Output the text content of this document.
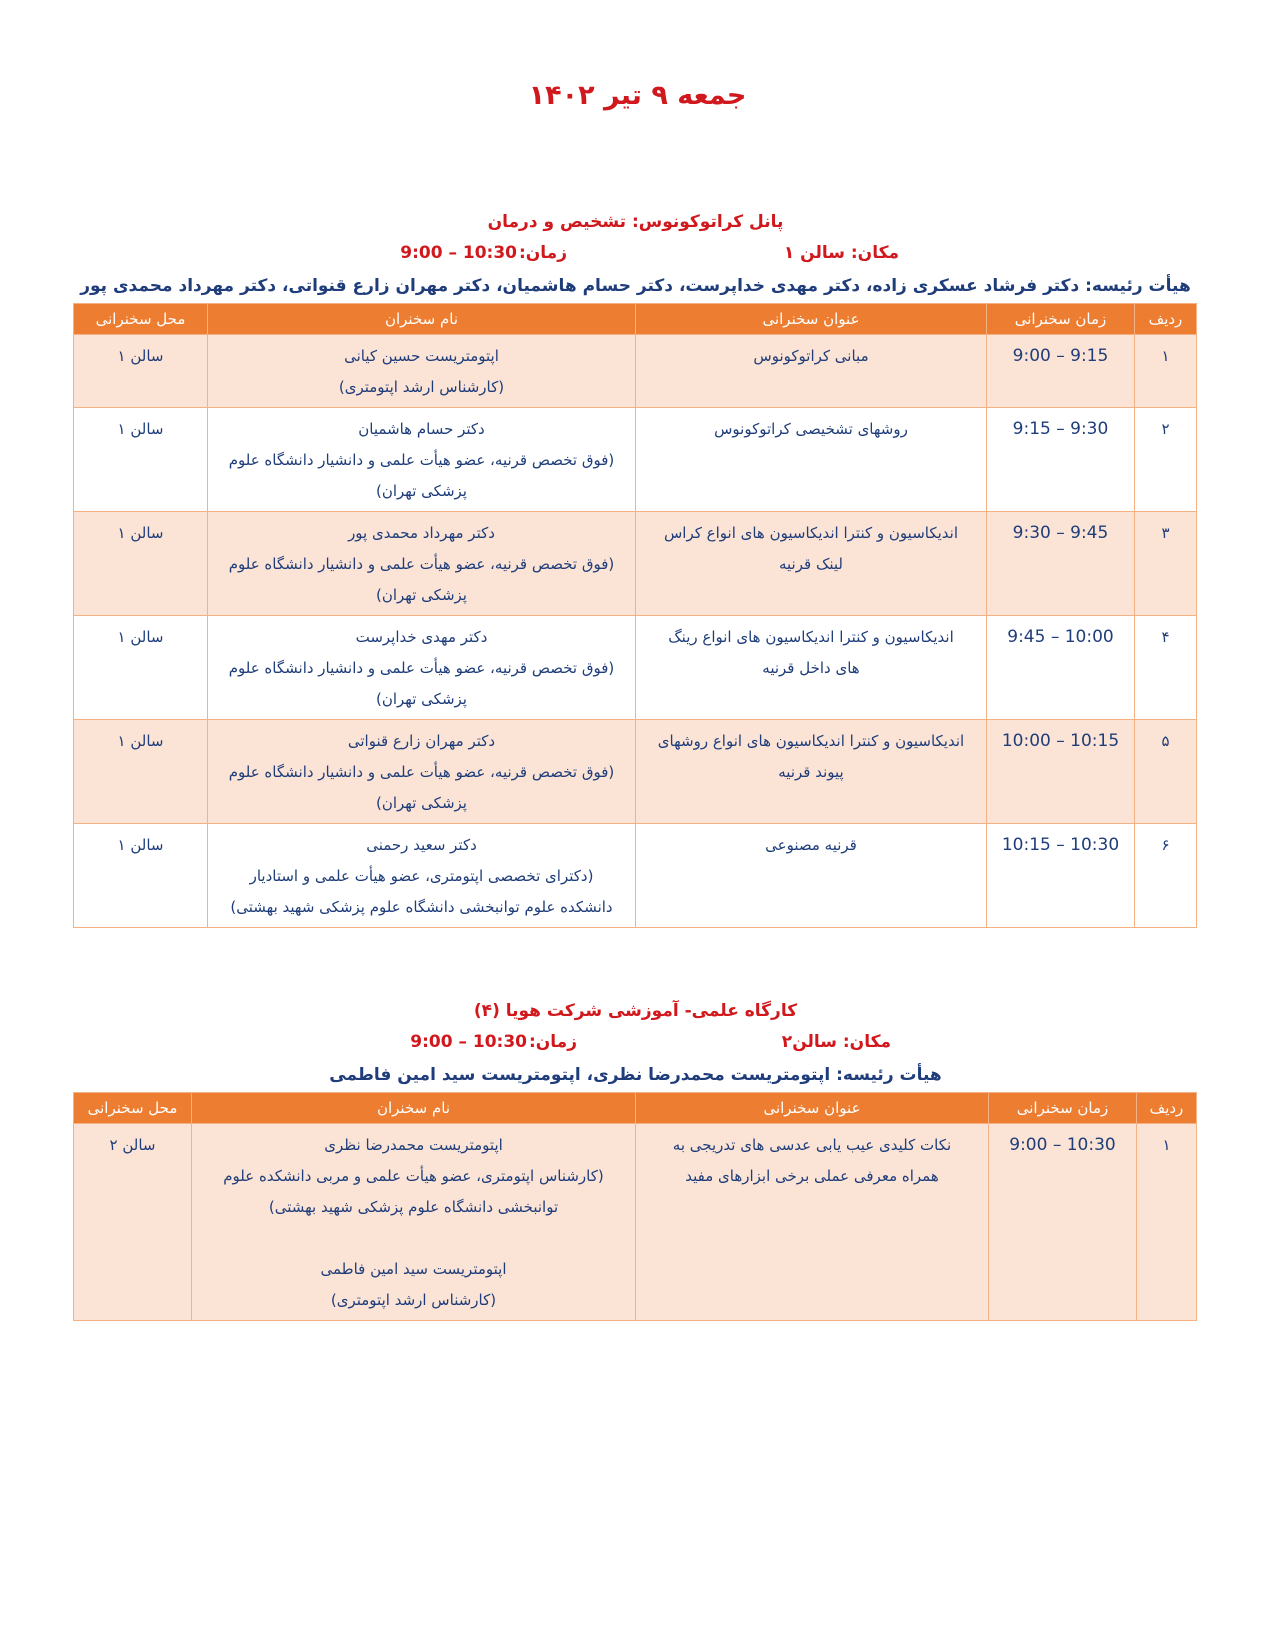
جمعه ۹ تیر ۱۴۰۲
پانل کراتوکونوس: تشخیص و درمان
مکان: سالن ۱
زمان:
9:00 – 10:30
هیأت رئیسه: دکتر فرشاد عسکری زاده، دکتر مهدی خداپرست، دکتر حسام هاشمیان، دکتر مهران زارع قنواتی، دکتر مهرداد محمدی پور
ردیف	زمان سخنرانی	عنوان سخنرانی	نام سخنران	محل سخنرانی
۱	9:00 – 9:15	مبانی کراتوکونوس	اپتومتریست حسین کیانی
(کارشناس ارشد اپتومتری)	سالن ۱
۲	9:15 – 9:30	روشهای تشخیصی کراتوکونوس	دکتر حسام هاشمیان
(فوق تخصص قرنیه، عضو هیأت علمی و دانشیار دانشگاه علوم
پزشکی تهران)	سالن ۱
۳	9:30 – 9:45	اندیکاسیون و کنترا اندیکاسیون های انواع کراس
لینک قرنیه	دکتر مهرداد محمدی پور
(فوق تخصص قرنیه، عضو هیأت علمی و دانشیار دانشگاه علوم
پزشکی تهران)	سالن ۱
۴	9:45 – 10:00	اندیکاسیون و کنترا اندیکاسیون های انواع رینگ
های داخل قرنیه	دکتر مهدی خداپرست
(فوق تخصص قرنیه، عضو هیأت علمی و دانشیار دانشگاه علوم
پزشکی تهران)	سالن ۱
۵	10:00 – 10:15	اندیکاسیون و کنترا اندیکاسیون های انواع روشهای
پیوند قرنیه	دکتر مهران زارع قنواتی
(فوق تخصص قرنیه، عضو هیأت علمی و دانشیار دانشگاه علوم
پزشکی تهران)	سالن ۱
۶	10:15 – 10:30	قرنیه مصنوعی	دکتر سعید رحمنی
(دکترای تخصصی اپتومتری، عضو هیأت علمی و استادیار
دانشکده علوم توانبخشی دانشگاه علوم پزشکی شهید بهشتی)	سالن ۱
کارگاه علمی- آموزشی شرکت هویا (۴)
مکان: سالن۲
زمان:
9:00 – 10:30
هیأت رئیسه: اپتومتریست محمدرضا نظری، اپتومتریست سید امین فاطمی
ردیف	زمان سخنرانی	عنوان سخنرانی	نام سخنران	محل سخنرانی
۱	9:00 – 10:30	نکات کلیدی عیب یابی عدسی های تدریجی به
همراه معرفی عملی برخی ابزارهای مفید	اپتومتریست محمدرضا نظری
(کارشناس اپتومتری، عضو هیأت علمی و مربی دانشکده علوم
توانبخشی دانشگاه علوم پزشکی شهید بهشتی)
اپتومتریست سید امین فاطمی
(کارشناس ارشد اپتومتری)	سالن ۲
